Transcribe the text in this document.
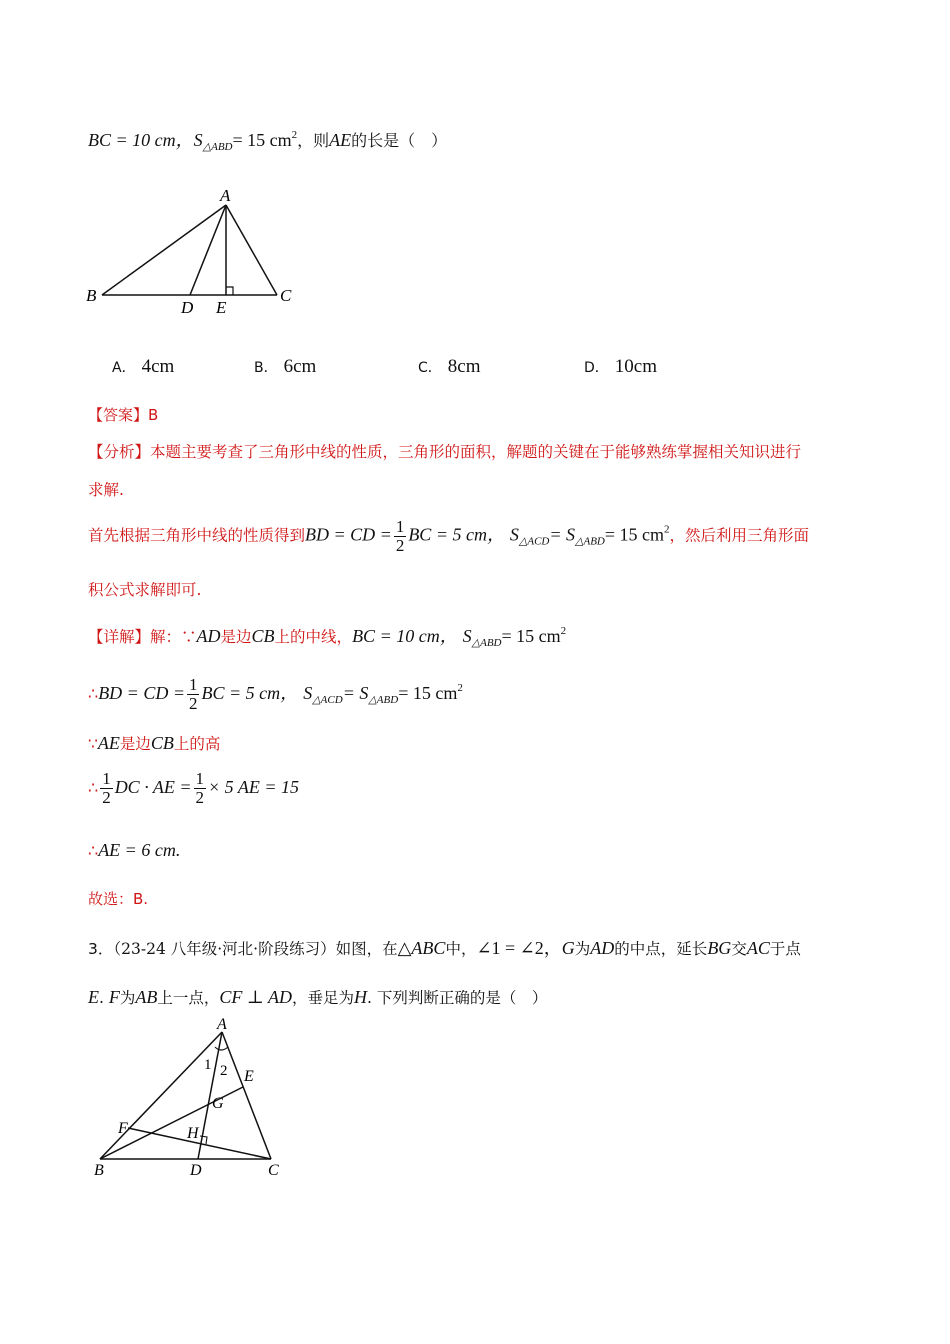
BC = 10 cm，$S_{\triangle ABD}= 15$ $cm^2$，则AE的长是（　）
A
B	C
D E
A． 4cm	B． 6cm	C． 8cm	D． 10cm
【答案】B
【分析】本题主要考查了三角形中线的性质，三角形的面积，解题的关键在于能够熟练掌握相关知识进行
求解.
首先根据三角形中线的性质得到BD = CD = $\frac{1}{2}$ BC = 5 cm， $S_{\triangle ACD}= S_{\triangle ABD}= 15$ $cm^2$，然后利用三角形面
积公式求解即可.
【详解】解：∵AD是边CB上的中线，BC = 10 cm， $S_{\triangle ABD}= 15$ $cm^2$
∴BD = CD = $\frac{1}{2}$ BC = 5 cm， $S_{\triangle ACD}= S_{\triangle ABD}= 15$ $cm^2$
∵AE是边CB上的高
∴ $\frac{1}{2}$ DC · AE = $\frac{1}{2} \times 5$ AE = 15
∴AE = 6 cm.
故选：B.
3．（23-24 八年级·河北·阶段练习）如图，在△ABC中，∠1 = ∠2，G为AD的中点，延长BG交AC于点
E. F为AB上一点，CF ⊥ AD，垂足为H. 下列判断正确的是（　）
A
B	C
D
E
F
G
H
1 2
